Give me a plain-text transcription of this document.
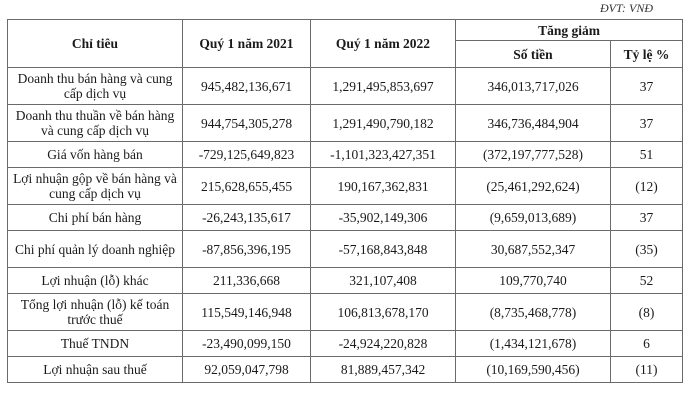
ĐVT: VNĐ
Chỉ tiêu	Quý 1 năm 2021	Quý 1 năm 2022	Tăng giảm	
			Số tiền	Tỷ lệ %
Doanh thu bán hàng và cung cấp dịch vụ	945,482,136,671	1,291,495,853,697	346,013,717,026	37
Doanh thu thuần về bán hàng và cung cấp dịch vụ	944,754,305,278	1,291,490,790,182	346,736,484,904	37
Giá vốn hàng bán	-729,125,649,823	-1,101,323,427,351	(372,197,777,528)	51
Lợi nhuận gộp về bán hàng và cung cấp dịch vụ	215,628,655,455	190,167,362,831	(25,461,292,624)	(12)
Chi phí bán hàng	-26,243,135,617	-35,902,149,306	(9,659,013,689)	37
Chi phí quản lý doanh nghiệp	-87,856,396,195	-57,168,843,848	30,687,552,347	(35)
Lợi nhuận (lỗ) khác	211,336,668	321,107,408	109,770,740	52
Tổng lợi nhuận (lỗ) kế toán trước thuế	115,549,146,948	106,813,678,170	(8,735,468,778)	(8)
Thuế TNDN	-23,490,099,150	-24,924,220,828	(1,434,121,678)	6
Lợi nhuận sau thuế	92,059,047,798	81,889,457,342	(10,169,590,456)	(11)
